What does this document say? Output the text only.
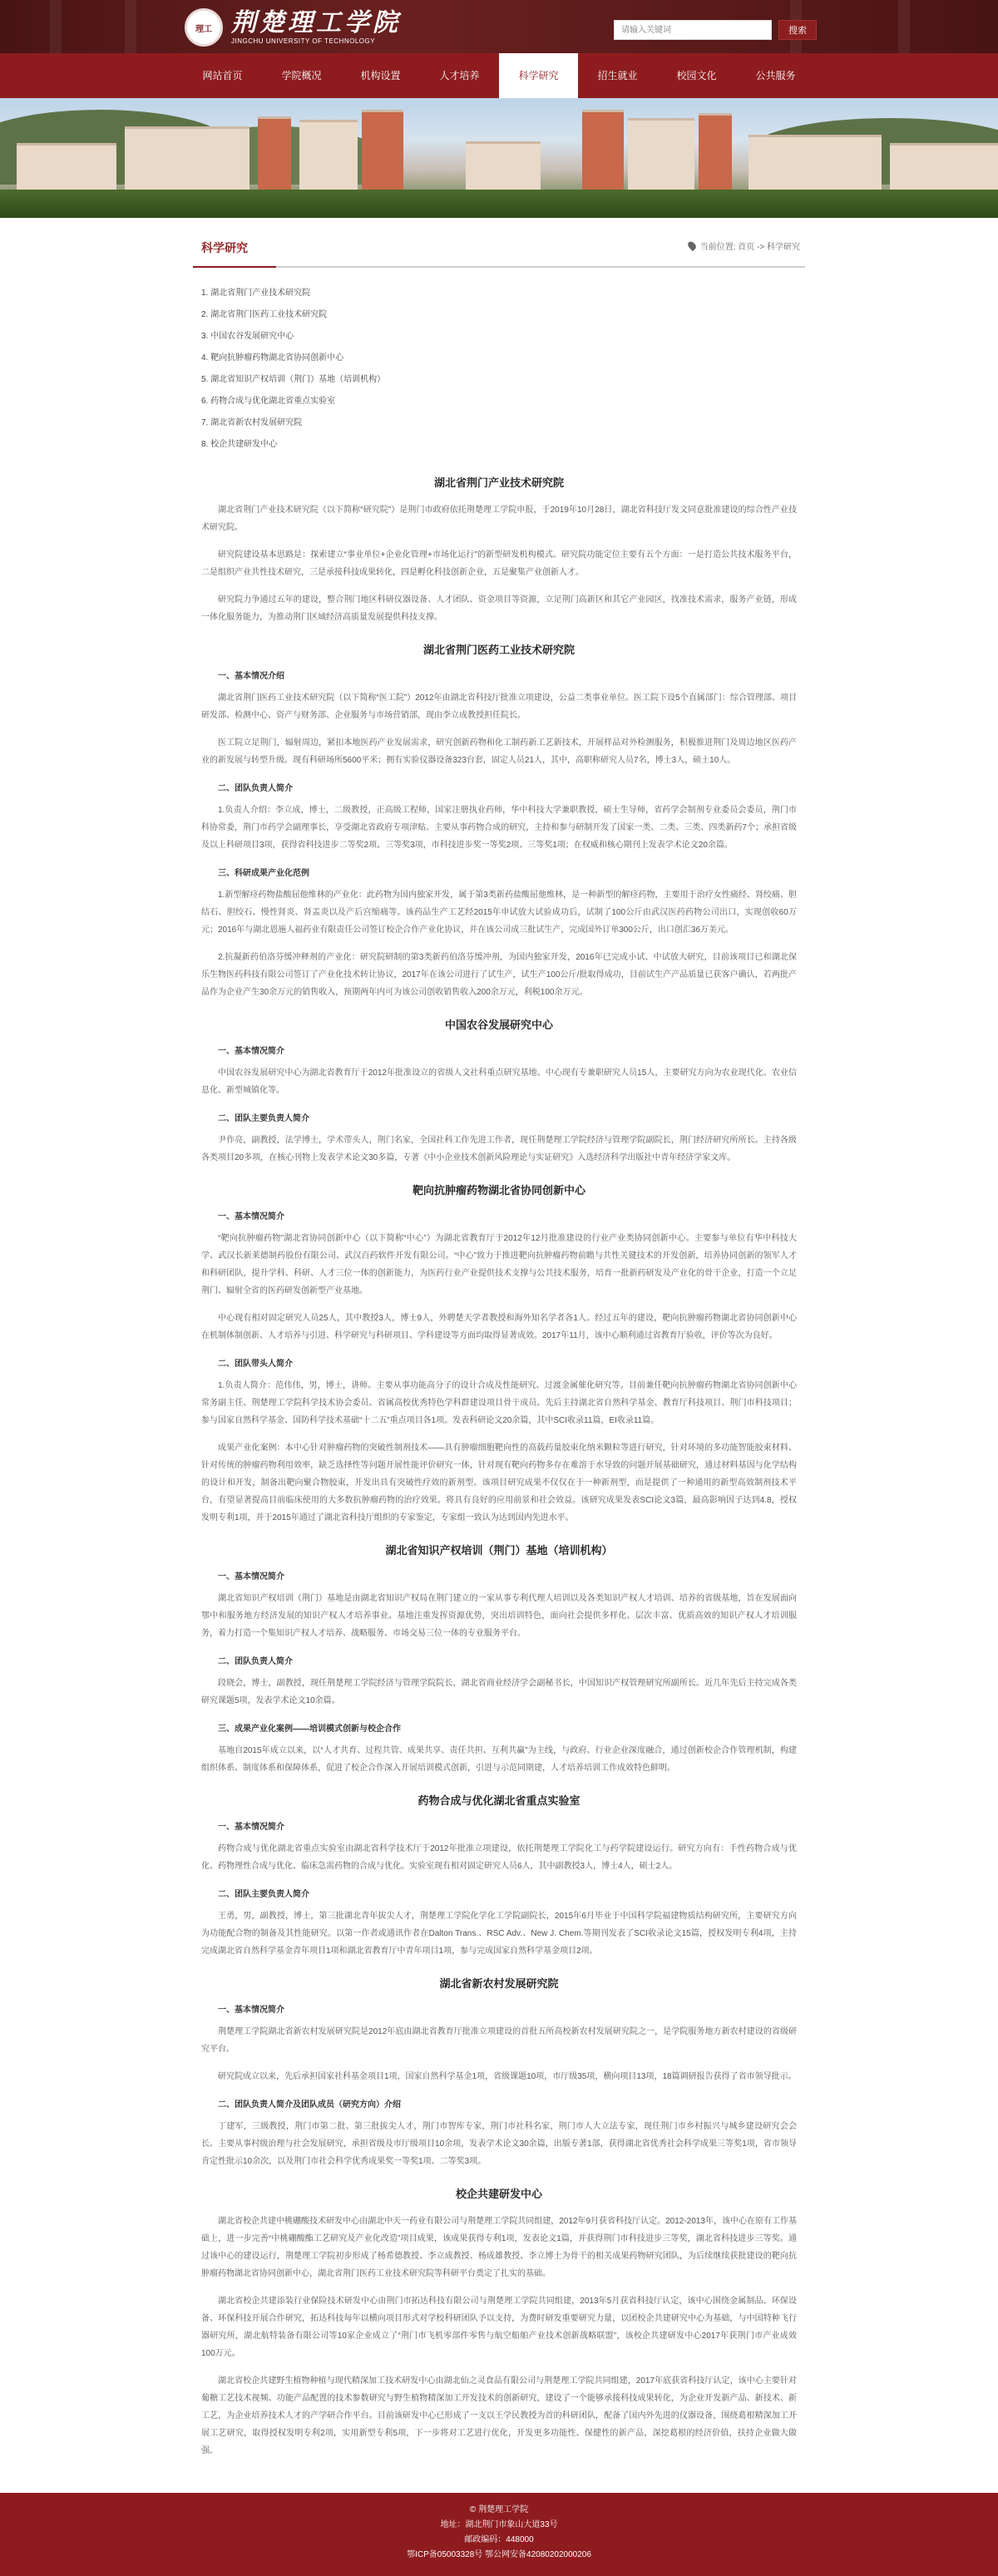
理工 荆楚理工学院
JINGCHU UNIVERSITY OF TECHNOLOGY
请输入关键词
搜索
网站首页	学院概况	机构设置	人才培养	科学研究	招生就业	校园文化	公共服务
科学研究	当前位置: 首页 -> 科学研究
1. 湖北省荆门产业技术研究院
2. 湖北省荆门医药工业技术研究院
3. 中国农谷发展研究中心
4. 靶向抗肿瘤药物湖北省协同创新中心
5. 湖北省知识产权培训（荆门）基地（培训机构）
6. 药物合成与优化湖北省重点实验室
7. 湖北省新农村发展研究院
8. 校企共建研发中心
湖北省荆门产业技术研究院
湖北省荆门产业技术研究院（以下简称“研究院”）是荆门市政府依托荆楚理工学院申报，于2019年10月28日，湖北省科技厅发文同意批准建设的综合性产业技术研究院。
研究院建设基本思路是：探索建立“事业单位+企业化管理+市场化运行”的新型研发机构模式。研究院功能定位主要有五个方面：一是打造公共技术服务平台，二是组织产业共性技术研究，三是承接科技成果转化，四是孵化科技创新企业，五是聚集产业创新人才。
研究院力争通过五年的建设，整合荆门地区科研仪器设备、人才团队、资金项目等资源，立足荆门高新区和其它产业园区，找准技术需求，服务产业链，形成一体化服务能力，为推动荆门区域经济高质量发展提供科技支撑。
湖北省荆门医药工业技术研究院
一、基本情况介绍
湖北省荆门医药工业技术研究院（以下简称“医工院”）2012年由湖北省科技厅批准立项建设，公益二类事业单位。医工院下设5个直属部门：综合管理部、项目研发部、检测中心、资产与财务部、企业服务与市场营销部，现由李立成教授担任院长。
医工院立足荆门，辐射周边，紧扣本地医药产业发展需求，研究创新药物和化工制药新工艺新技术，开展样品对外检测服务，积极推进荆门及周边地区医药产业的新发展与转型升级。现有科研场所5600平米；拥有实验仪器设备323台套，固定人员21人，其中，高职称研究人员7名，博士3人，硕士10人。
二、团队负责人简介
1.负责人介绍：李立成，博士，二级教授，正高级工程师，国家注册执业药师，华中科技大学兼职教授，硕士生导师，省药学会制剂专业委员会委员，荆门市科协常委，荆门市药学会副理事长，享受湖北省政府专项津贴。主要从事药物合成的研究，主持和参与研制开发了国家一类、二类、三类、四类新药7个；承担省级及以上科研项目3项，获得省科技进步二等奖2项、三等奖3项，市科技进步奖一等奖2项、三等奖1项；在权威和核心期刊上发表学术论文20余篇。
三、科研成果产业化范例
1.新型解痉药物盐酸屈他维林的产业化：此药物为国内独家开发，属于第3类新药盐酸屈他维林，是一种新型的解痉药物，主要用于治疗女性痛经、肾绞痛、胆结石、胆绞石、慢性肾炎、肾盂炎以及产后宫缩痛等。该药品生产工艺经2015年申试放大试验成功后，试制了100公斤由武汉医药药物公司出口，实现创收60万元；2016年与湖北恩施人福药业有限责任公司签订校企合作产业化协议，并在该公司成三批试生产，完成国外订单300公斤，出口创汇36万美元。
2.抗凝新药伯洛芬缓冲释剂的产业化：研究院研制的第3类新药伯洛芬缓冲剂，为国内独家开发，2016年已完成小试、中试放大研究，目前该项目已和湖北保乐生物医药科技有限公司签订了产业化技术转让协议，2017年在该公司进行了试生产，试生产100公斤/批取得成功，目前试生产产品质量已获客户确认，若两批产品作为企业产生30余万元的销售收入，预期两年内可为该公司创收销售收入200余万元，利税100余万元。
中国农谷发展研究中心
一、基本情况简介
中国农谷发展研究中心为湖北省教育厅于2012年批准设立的省级人文社科重点研究基地。中心现有专兼职研究人员15人，主要研究方向为农业现代化、农业信息化、新型城镇化等。
二、团队主要负责人简介
尹作亮，副教授，法学博士，学术带头人，荆门名家，全国社科工作先进工作者，现任荆楚理工学院经济与管理学院副院长，荆门经济研究所所长。主持各级各类项目20多项，在核心刊物上发表学术论文30多篇，专著《中小企业技术创新风险理论与实证研究》入选经济科学出版社中青年经济学家文库。
靶向抗肿瘤药物湖北省协同创新中心
一、基本情况简介
“靶向抗肿瘤药物”湖北省协同创新中心（以下简称“中心”）为湖北省教育厅于2012年12月批准建设的行业产业类协同创新中心。主要参与单位有华中科技大学、武汉长新莱德制药股份有限公司、武汉百药软件开发有限公司。“中心”致力于推进靶向抗肿瘤药物前瞻与共性关键技术的开发创新，培养协同创新的领军人才和科研团队，提升学科、科研、人才三位一体的创新能力，为医药行业产业提供技术支撑与公共技术服务，培育一批新药研发及产业化的骨干企业，打造一个立足荆门、辐射全省的医药研发创新型产业基地。
中心现有相对固定研究人员25人，其中教授3人，博士9人，外聘楚天学者教授和海外知名学者各1人。经过五年的建设，靶向抗肿瘤药物湖北省协同创新中心在机制体制创新、人才培养与引进、科学研究与科研项目、学科建设等方面均取得显著成效。2017年11月，该中心顺利通过省教育厅验收，评价等次为良好。
二、团队带头人简介
1.负责人简介：范伟伟，男，博士，讲师。主要从事功能高分子的设计合成及性能研究、过渡金属催化研究等。目前兼任靶向抗肿瘤药物湖北省协同创新中心常务副主任、荆楚理工学院科学技术协会委员、省属高校优秀特色学科群建设项目骨干成员。先后主持湖北省自然科学基金、教育厅科技项目、荆门市科技项目；参与国家自然科学基金、国防科学技术基础“十二五”重点项目各1项。发表科研论文20余篇，其中SCI收录11篇，EI收录11篇。
成果产业化案例：本中心针对肿瘤药物的突破性制剂技术——具有肿瘤细胞靶向性的高载药量胶束化纳米颗粒等进行研究，针对环境的多功能智能胶束材料、针对传统的肿瘤药物利用效率，缺乏选择性等问题开展性能评价研究一体，针对现有靶向药物多存在难溶于水导致的问题开展基础研究，通过材料基因与化学结构的设计和开发，制备出靶向聚合物胶束，开发出具有突破性疗效的新剂型。该项目研究成果不仅仅在于一种新剂型，而是提供了一种通用的新型高效制剂技术平台，有望显著提高目前临床使用的大多数抗肿瘤药物的治疗效果。将具有良好的应用前景和社会效益。该研究成果发表SCI论文3篇，最高影响因子达到4.8，授权发明专利1项，并于2015年通过了湖北省科技厅组织的专家鉴定，专家组一致认为达到国内先进水平。
湖北省知识产权培训（荆门）基地（培训机构）
一、基本情况简介
湖北省知识产权培训（荆门）基地是由湖北省知识产权局在荆门建立的一家从事专利代理人培训以及各类知识产权人才培训、培养的省级基地，旨在发展面向鄂中和服务地方经济发展的知识产权人才培养事业。基地注重发挥资源优势，突出培训特色，面向社会提供多样化、层次丰富、优质高效的知识产权人才培训服务，着力打造一个集知识产权人才培养、战略服务、市场交易三位一体的专业服务平台。
二、团队负责人简介
段晓会，博士，副教授，现任荆楚理工学院经济与管理学院院长，湖北省商业经济学会副秘书长，中国知识产权管理研究所副所长。近几年先后主持完成各类研究课题5项，发表学术论文10余篇。
三、成果产业化案例——培训模式创新与校企合作
基地自2015年成立以来，以“人才共育、过程共管、成果共享、责任共担、互利共赢”为主线，与政府、行业企业深度融合，通过创新校企合作管理机制，构建组织体系、制度体系和保障体系，促进了校企合作深入开展培训模式创新，引进与示范同期建，人才培养培训工作成效特色鲜明。
药物合成与优化湖北省重点实验室
一、基本情况简介
药物合成与优化湖北省重点实验室由湖北省科学技术厅于2012年批准立项建设，依托荆楚理工学院化工与药学院建设运行。研究方向有：手性药物合成与优化、药物理性合成与优化、临床急需药物的合成与优化。实验室现有相对固定研究人员6人，其中副教授3人，博士4人，硕士2人。
二、团队主要负责人简介
王勇，男，副教授，博士，第三批湖北青年拔尖人才，荆楚理工学院化学化工学院副院长，2015年6月毕业于中国科学院福建物质结构研究所，主要研究方向为功能配合物的制备及其性能研究。以第一作者或通讯作者在Dalton Trans.、RSC Adv.、New J. Chem.等期刊发表了SCI收录论文15篇，授权发明专利4项，主持完成湖北省自然科学基金青年项目1项和湖北省教育厅中青年项目1项，参与完成国家自然科学基金项目2项。
湖北省新农村发展研究院
一、基本情况简介
荆楚理工学院湖北省新农村发展研究院是2012年底由湖北省教育厅批准立项建设的首批五所高校新农村发展研究院之一，是学院服务地方新农村建设的省级研究平台。
研究院成立以来，先后承担国家社科基金项目1项，国家自然科学基金1项，省级课题10项，市厅级35项，横向项目13项，18篇调研报告获得了省市领导批示。
二、团队负责人简介及团队成员（研究方向）介绍
丁建军，三级教授，荆门市第二批、第三批拔尖人才，荆门市智库专家，荆门市社科名家，荆门市人大立法专家，现任荆门市乡村振兴与城乡建设研究会会长。主要从事村级治理与社会发展研究，承担省级及市厅级项目10余项，发表学术论文30余篇，出版专著1部，获得湖北省优秀社会科学成果三等奖1项，省市领导肯定性批示10余次，以及荆门市社会科学优秀成果奖一等奖1项、二等奖3项。
校企共建研发中心
湖北省校企共建中桃硼酸技术研发中心由湖北中天一药业有限公司与荆楚理工学院共同组建，2012年9月获省科技厅认定。2012-2013年，该中心在原有工作基础上，进一步完善“中桃硼酸酯工艺研究及产业化改造”项目成果，该成果获得专利1项，发表论文1篇，并获得荆门市科技进步三等奖，湖北省科技进步三等奖。通过该中心的建设运行，荆楚理工学院初步形成了杨希德教授、李立成教授、杨成雄教授、李立博士为骨干的相关成果药物研究团队，为后续继续获批建设的靶向抗肿瘤药物湖北省协同创新中心，湖北省荆门医药工业技术研究院等科研平台奠定了扎实的基础。
湖北省校企共建添装行业保险技术研发中心由荆门市拓达科技有限公司与荆楚理工学院共同组建，2013年5月获省科技厅认定，该中心围绕金属制品、环保设备、环保科技开展合作研究，拓达科技每年以横向项目形式对学校科研团队予以支持，为费时研发重要研究力量，以团校企共建研究中心为基础，与中国特种飞行器研究所，湖北航特装备有限公司等10家企业成立了“荆门市飞机零部件零售与航空船舶产业技术创新战略联盟”，该校企共建研发中心2017年获荆门市产业成效100万元。
湖北省校企共建野生植物种植与现代精深加工技术研发中心由湖北仙之灵食品有限公司与荆楚理工学院共同组建，2017年底获省科技厅认定，该中心主要针对葡糖工艺技术视频、功能产品配置的技术参数研究与野生植物精深加工开发技术的创新研究，建设了一个能够承接科技成果转化，为企业开发新产品、新技术、新工艺，为企业培养技术人才的产学研合作平台。目前该研发中心已形成了一支以王学民教授为首的科研团队，配备了国内外先进的仪器设备，围绕葛根精深加工开展工艺研究，取得授权发明专利2项，实用新型专利5项，下一步将对工艺进行优化，开发更多功能性、保健性的新产品，深挖葛根的经济价值，扶持企业做大做强。
© 荆楚理工学院
地址：湖北荆门市象山大道33号
邮政编码：448000
鄂ICP备05003328号 鄂公网安备42080202000206
